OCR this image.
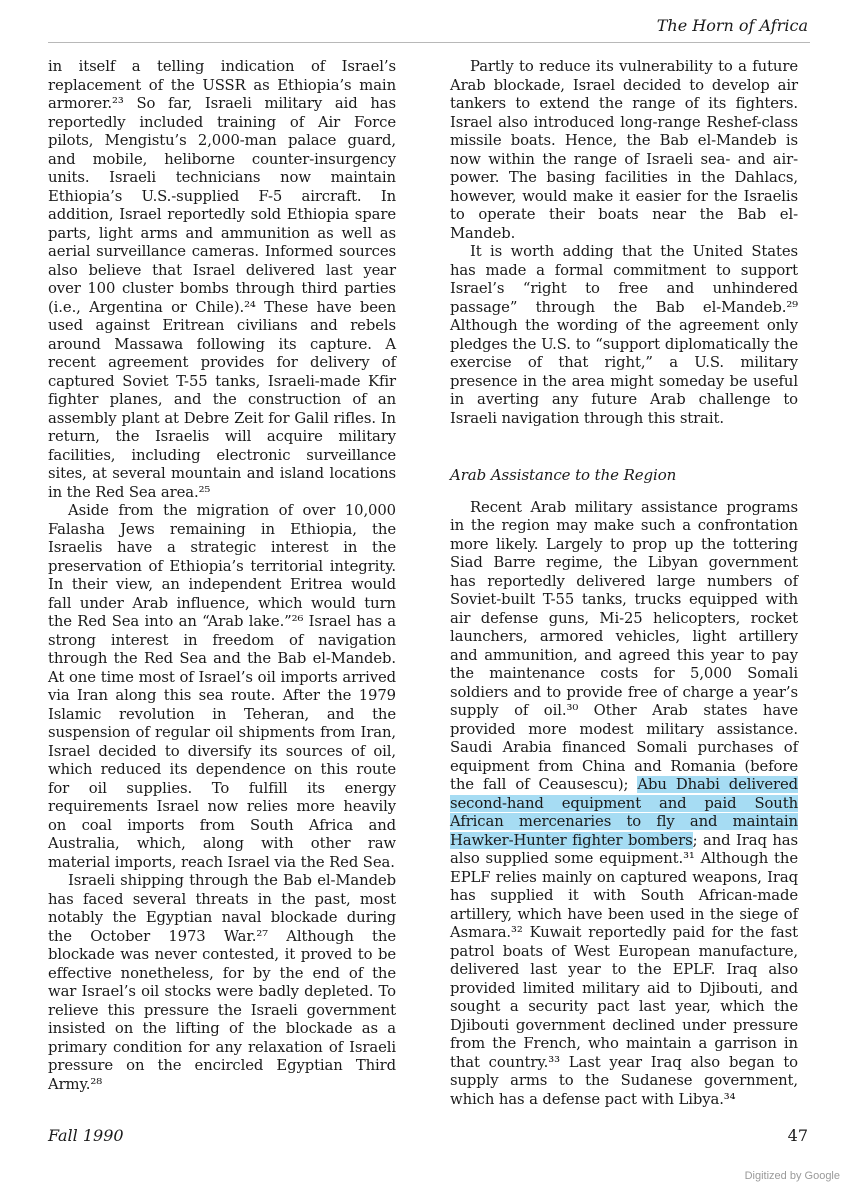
The Horn of Africa

in itself a telling indication of Israel’s replacement of the USSR as Ethiopia’s main armorer.²³ So far, Israeli military aid has reportedly included training of Air Force pilots, Mengistu’s 2,000-man palace guard, and mobile, heliborne counter-insurgency units. Israeli technicians now maintain Ethiopia’s U.S.-supplied F-5 aircraft. In addition, Israel reportedly sold Ethiopia spare parts, light arms and ammunition as well as aerial surveillance cameras. Informed sources also believe that Israel delivered last year over 100 cluster bombs through third parties (i.e., Argentina or Chile).²⁴ These have been used against Eritrean civilians and rebels around Massawa following its capture. A recent agreement provides for delivery of captured Soviet T-55 tanks, Israeli-made Kfir fighter planes, and the construction of an assembly plant at Debre Zeit for Galil rifles. In return, the Israelis will acquire military facilities, including electronic surveillance sites, at several mountain and island locations in the Red Sea area.²⁵

Aside from the migration of over 10,000 Falasha Jews remaining in Ethiopia, the Israelis have a strategic interest in the preservation of Ethiopia’s territorial integrity. In their view, an independent Eritrea would fall under Arab influence, which would turn the Red Sea into an “Arab lake.”²⁶ Israel has a strong interest in freedom of navigation through the Red Sea and the Bab el-Mandeb. At one time most of Israel’s oil imports arrived via Iran along this sea route. After the 1979 Islamic revolution in Teheran, and the suspension of regular oil shipments from Iran, Israel decided to diversify its sources of oil, which reduced its dependence on this route for oil supplies. To fulfill its energy requirements Israel now relies more heavily on coal imports from South Africa and Australia, which, along with other raw material imports, reach Israel via the Red Sea.

Israeli shipping through the Bab el-Mandeb has faced several threats in the past, most notably the Egyptian naval blockade during the October 1973 War.²⁷ Although the blockade was never contested, it proved to be effective nonetheless, for by the end of the war Israel’s oil stocks were badly depleted. To relieve this pressure the Israeli government insisted on the lifting of the blockade as a primary condition for any relaxation of Israeli pressure on the encircled Egyptian Third Army.²⁸

Partly to reduce its vulnerability to a future Arab blockade, Israel decided to develop air tankers to extend the range of its fighters. Israel also introduced long-range Reshef-class missile boats. Hence, the Bab el-Mandeb is now within the range of Israeli sea- and air-power. The basing facilities in the Dahlacs, however, would make it easier for the Israelis to operate their boats near the Bab el-Mandeb.

It is worth adding that the United States has made a formal commitment to support Israel’s “right to free and unhindered passage” through the Bab el-Mandeb.²⁹ Although the wording of the agreement only pledges the U.S. to “support diplomatically the exercise of that right,” a U.S. military presence in the area might someday be useful in averting any future Arab challenge to Israeli navigation through this strait.

Arab Assistance to the Region

Recent Arab military assistance programs in the region may make such a confrontation more likely. Largely to prop up the tottering Siad Barre regime, the Libyan government has reportedly delivered large numbers of Soviet-built T-55 tanks, trucks equipped with air defense guns, Mi-25 helicopters, rocket launchers, armored vehicles, light artillery and ammunition, and agreed this year to pay the maintenance costs for 5,000 Somali soldiers and to provide free of charge a year’s supply of oil.³⁰ Other Arab states have provided more modest military assistance. Saudi Arabia financed Somali purchases of equipment from China and Romania (before the fall of Ceausescu); Abu Dhabi delivered second-hand equipment and paid South African mercenaries to fly and maintain Hawker-Hunter fighter bombers; and Iraq has also supplied some equipment.³¹ Although the EPLF relies mainly on captured weapons, Iraq has supplied it with South African-made artillery, which have been used in the siege of Asmara.³² Kuwait reportedly paid for the fast patrol boats of West European manufacture, delivered last year to the EPLF. Iraq also provided limited military aid to Djibouti, and sought a security pact last year, which the Djibouti government declined under pressure from the French, who maintain a garrison in that country.³³ Last year Iraq also began to supply arms to the Sudanese government, which has a defense pact with Libya.³⁴

Fall 1990	47
Digitized by Google
